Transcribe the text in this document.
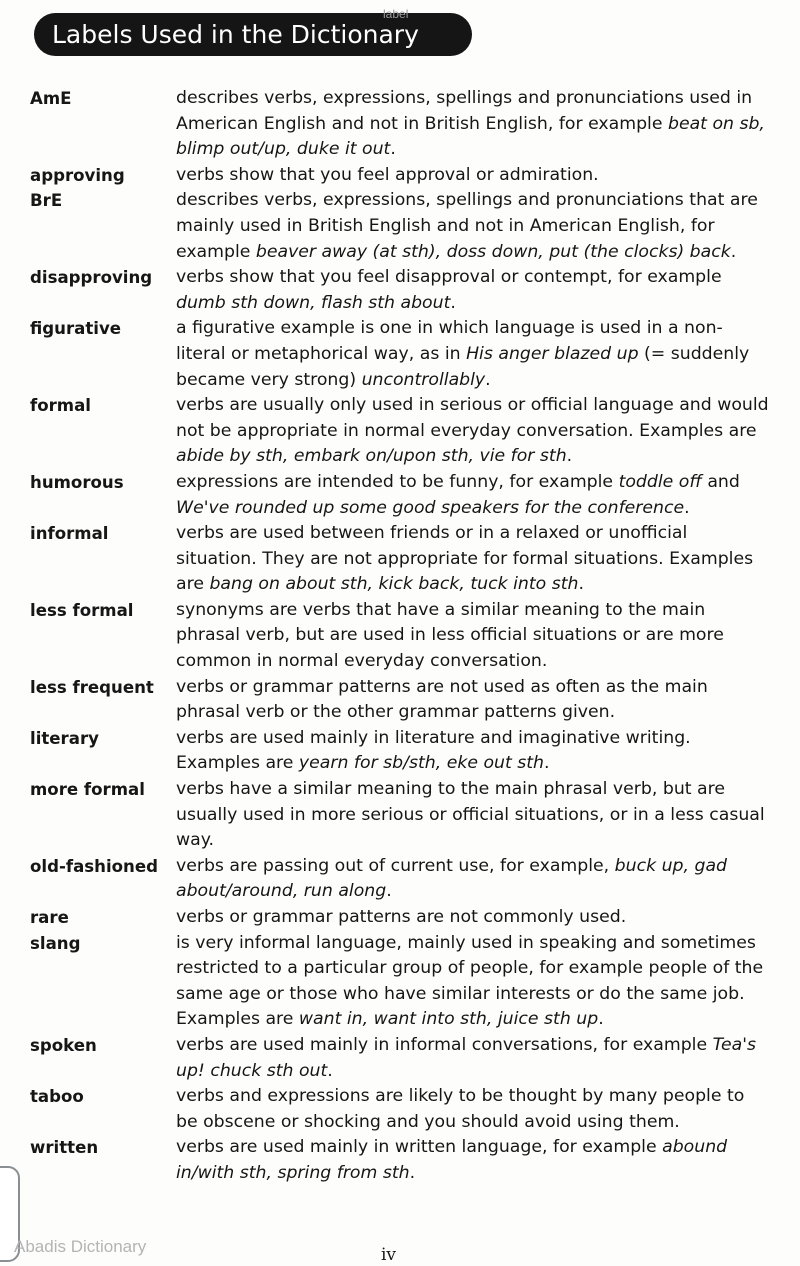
Labels Used in the Dictionary
label
AmE	describes verbs, expressions, spellings and pronunciations used in American English and not in British English, for example beat on sb, blimp out/up, duke it out.
approving	verbs show that you feel approval or admiration.
BrE	describes verbs, expressions, spellings and pronunciations that are mainly used in British English and not in American English, for example beaver away (at sth), doss down, put (the clocks) back.
disapproving	verbs show that you feel disapproval or contempt, for example dumb sth down, flash sth about.
figurative	a figurative example is one in which language is used in a non-literal or metaphorical way, as in His anger blazed up (= suddenly became very strong) uncontrollably.
formal	verbs are usually only used in serious or official language and would not be appropriate in normal everyday conversation. Examples are abide by sth, embark on/upon sth, vie for sth.
humorous	expressions are intended to be funny, for example toddle off and We've rounded up some good speakers for the conference.
informal	verbs are used between friends or in a relaxed or unofficial situation. They are not appropriate for formal situations. Examples are bang on about sth, kick back, tuck into sth.
less formal	synonyms are verbs that have a similar meaning to the main phrasal verb, but are used in less official situations or are more common in normal everyday conversation.
less frequent	verbs or grammar patterns are not used as often as the main phrasal verb or the other grammar patterns given.
literary	verbs are used mainly in literature and imaginative writing. Examples are yearn for sb/sth, eke out sth.
more formal	verbs have a similar meaning to the main phrasal verb, but are usually used in more serious or official situations, or in a less casual way.
old-fashioned	verbs are passing out of current use, for example, buck up, gad about/around, run along.
rare	verbs or grammar patterns are not commonly used.
slang	is very informal language, mainly used in speaking and sometimes restricted to a particular group of people, for example people of the same age or those who have similar interests or do the same job. Examples are want in, want into sth, juice sth up.
spoken	verbs are used mainly in informal conversations, for example Tea's up! chuck sth out.
taboo	verbs and expressions are likely to be thought by many people to be obscene or shocking and you should avoid using them.
written	verbs are used mainly in written language, for example abound in/with sth, spring from sth.
Abadis Dictionary	iv
